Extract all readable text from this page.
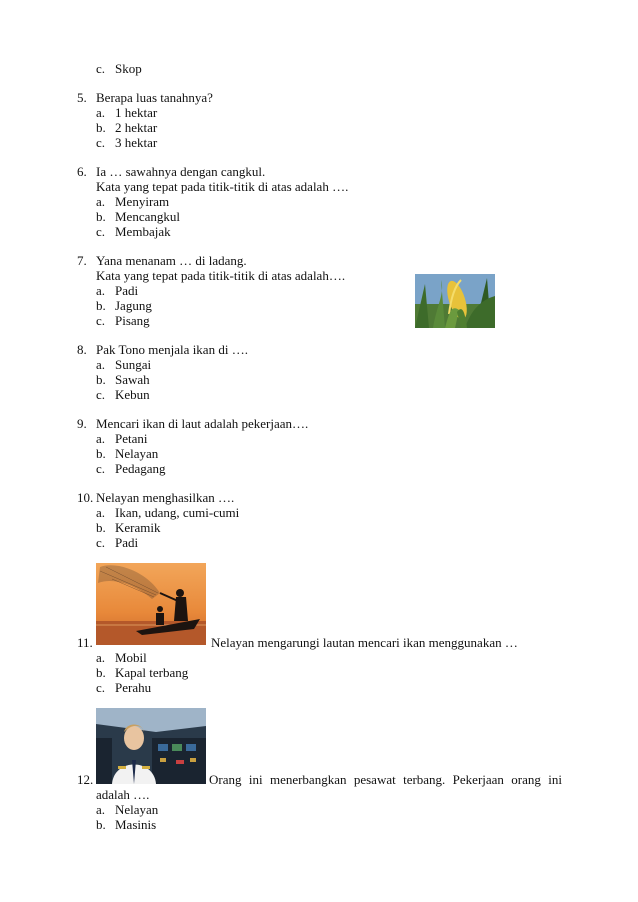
c. Skop
5. Berapa luas tanahnya?
a. 1 hektar
b. 2 hektar
c. 3 hektar
6. Ia … sawahnya dengan cangkul.
Kata yang tepat pada titik-titik di atas adalah ….
a. Menyiram
b. Mencangkul
c. Membajak
7. Yana menanam … di ladang.
Kata yang tepat pada titik-titik di atas adalah….
a. Padi
b. Jagung
c. Pisang
8. Pak Tono menjala ikan di ….
a. Sungai
b. Sawah
c. Kebun
9. Mencari ikan di laut adalah pekerjaan….
a. Petani
b. Nelayan
c. Pedagang
10. Nelayan menghasilkan ….
a. Ikan, udang, cumi-cumi
b. Keramik
c. Padi
11.	Nelayan mengarungi lautan mencari ikan menggunakan …
a. Mobil
b. Kapal terbang
c. Perahu
12.	Orang ini menerbangkan pesawat terbang. Pekerjaan orang ini
adalah ….
a. Nelayan
b. Masinis
